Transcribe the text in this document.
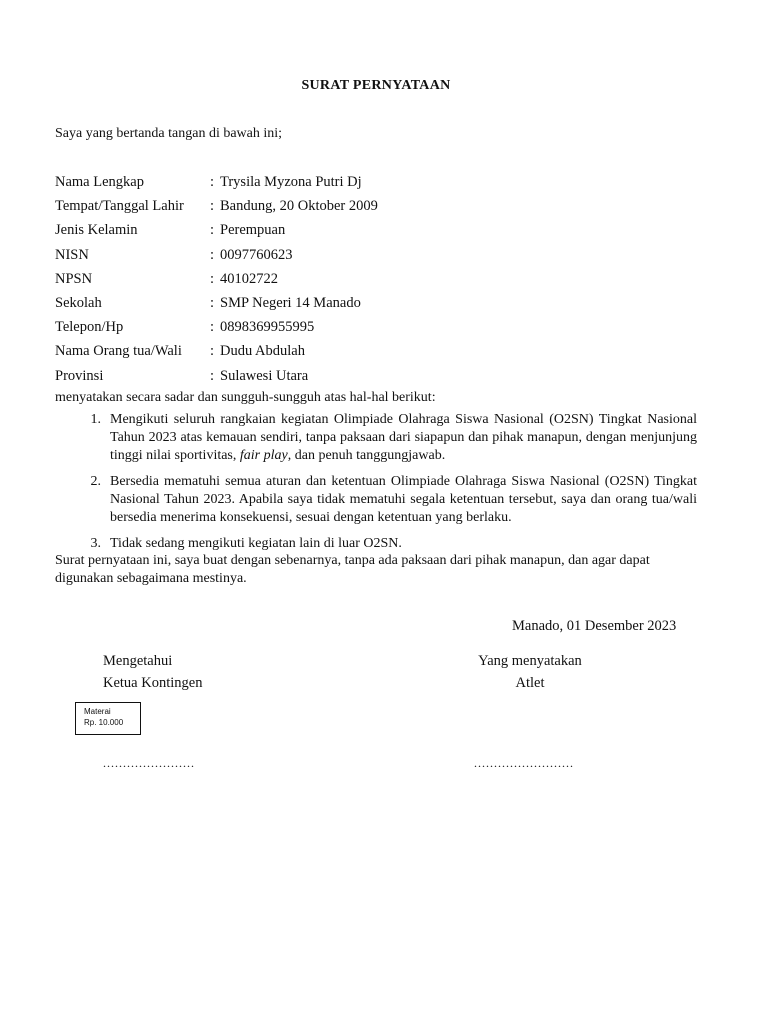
SURAT PERNYATAAN
Saya yang bertanda tangan di bawah ini;
Nama Lengkap	: Trysila Myzona Putri Dj
Tempat/Tanggal Lahir	: Bandung, 20 Oktober 2009
Jenis Kelamin	: Perempuan
NISN	: 0097760623
NPSN	: 40102722
Sekolah	: SMP Negeri 14 Manado
Telepon/Hp	: 0898369955995
Nama Orang tua/Wali	: Dudu Abdulah
Provinsi	: Sulawesi Utara
menyatakan secara sadar dan sungguh-sungguh atas hal-hal berikut:
1. Mengikuti seluruh rangkaian kegiatan Olimpiade Olahraga Siswa Nasional (O2SN) Tingkat Nasional Tahun 2023 atas kemauan sendiri, tanpa paksaan dari siapapun dan pihak manapun, dengan menjunjung tinggi nilai sportivitas, fair play, dan penuh tanggungjawab.
2. Bersedia mematuhi semua aturan dan ketentuan Olimpiade Olahraga Siswa Nasional (O2SN) Tingkat Nasional Tahun 2023. Apabila saya tidak mematuhi segala ketentuan tersebut, saya dan orang tua/wali bersedia menerima konsekuensi, sesuai dengan ketentuan yang berlaku.
3. Tidak sedang mengikuti kegiatan lain di luar O2SN.
Surat pernyataan ini, saya buat dengan sebenarnya, tanpa ada paksaan dari pihak manapun, dan agar dapat digunakan sebagaimana mestinya.
Manado, 01 Desember 2023
Mengetahui
Ketua Kontingen
Yang menyatakan
Atlet
Materai
Rp. 10.000
.......................	.........................
